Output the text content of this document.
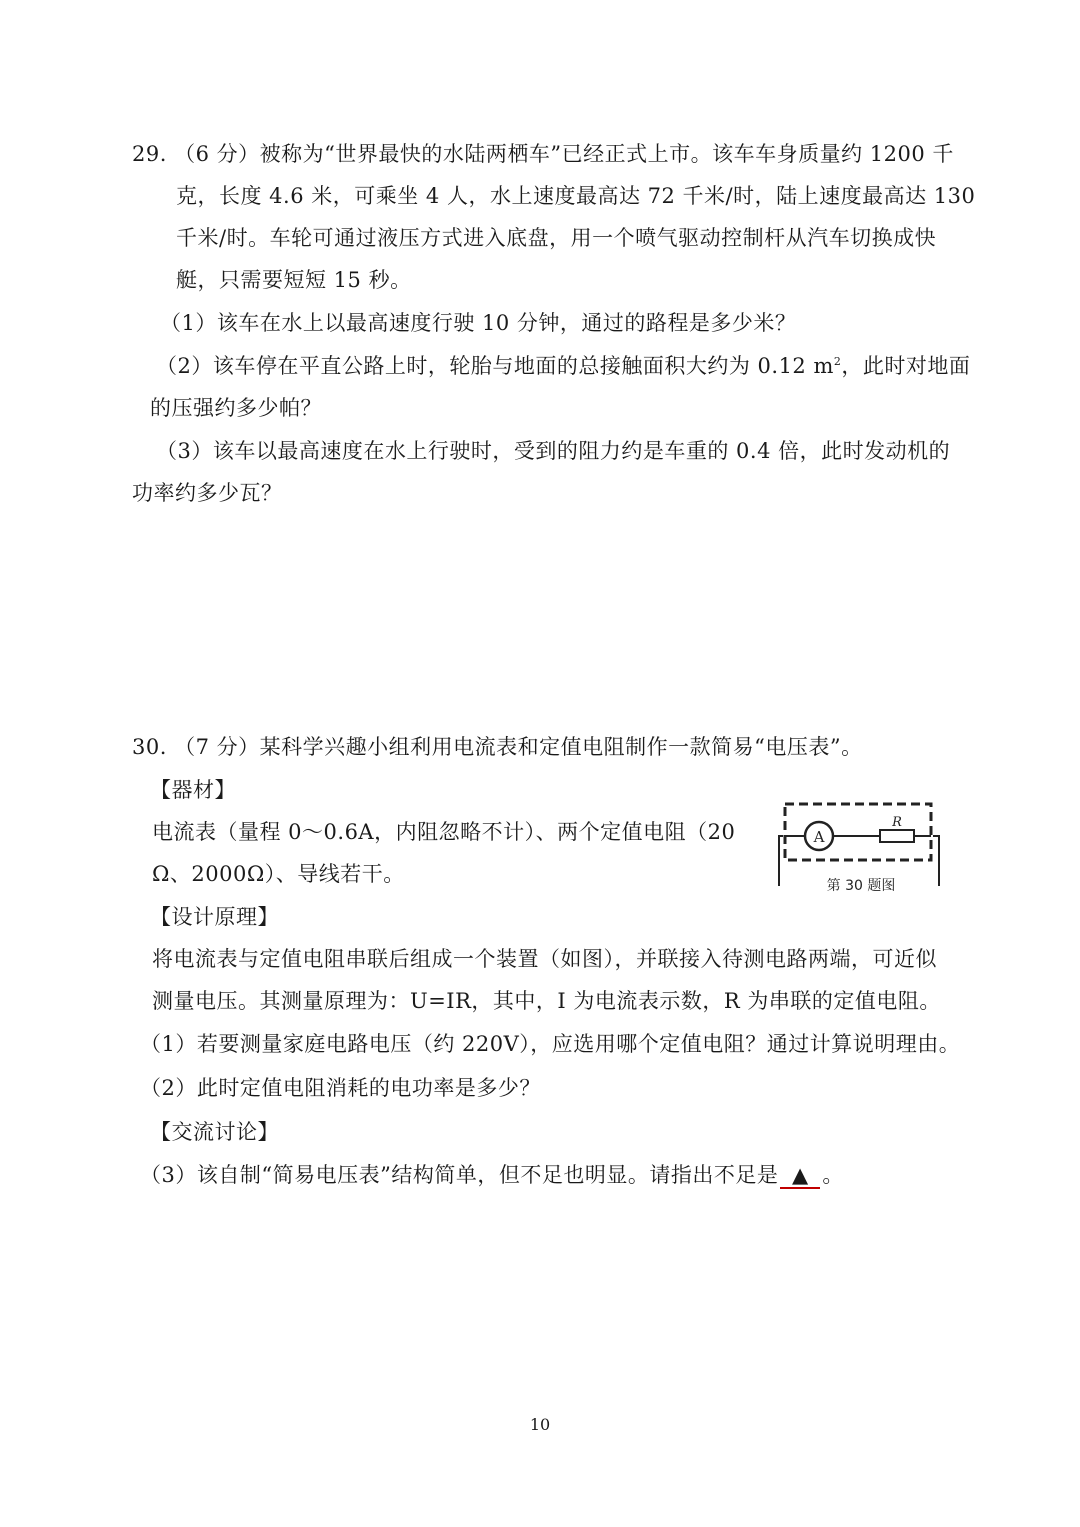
29. （6 分）被称为“世界最快的水陆两栖车”已经正式上市。该车车身质量约 1200 千
克，长度 4.6 米，可乘坐 4 人，水上速度最高达 72 千米/时，陆上速度最高达 130
千米/时。车轮可通过液压方式进入底盘，用一个喷气驱动控制杆从汽车切换成快
艇，只需要短短 15 秒。
（1）该车在水上以最高速度行驶 10 分钟，通过的路程是多少米？
（2）该车停在平直公路上时，轮胎与地面的总接触面积大约为 0.12 $m^2$，此时对地面
的压强约多少帕？
（3）该车以最高速度在水上行驶时，受到的阻力约是车重的 0.4 倍，此时发动机的
功率约多少瓦？
30. （7 分）某科学兴趣小组利用电流表和定值电阻制作一款简易“电压表”。
【器材】
电流表（量程 0～0.6A，内阻忽略不计）、两个定值电阻（20
Ω、2000Ω）、导线若干。
【设计原理】
将电流表与定值电阻串联后组成一个装置（如图），并联接入待测电路两端，可近似
测量电压。其测量原理为：U=IR，其中，I 为电流表示数，R 为串联的定值电阻。
（1）若要测量家庭电路电压（约 220V），应选用哪个定值电阻？通过计算说明理由。
（2）此时定值电阻消耗的电功率是多少？
【交流讨论】
（3）该自制“简易电压表”结构简单，但不足也明显。请指出不足是 ▲ 。
A
R
第 30 题图
10
